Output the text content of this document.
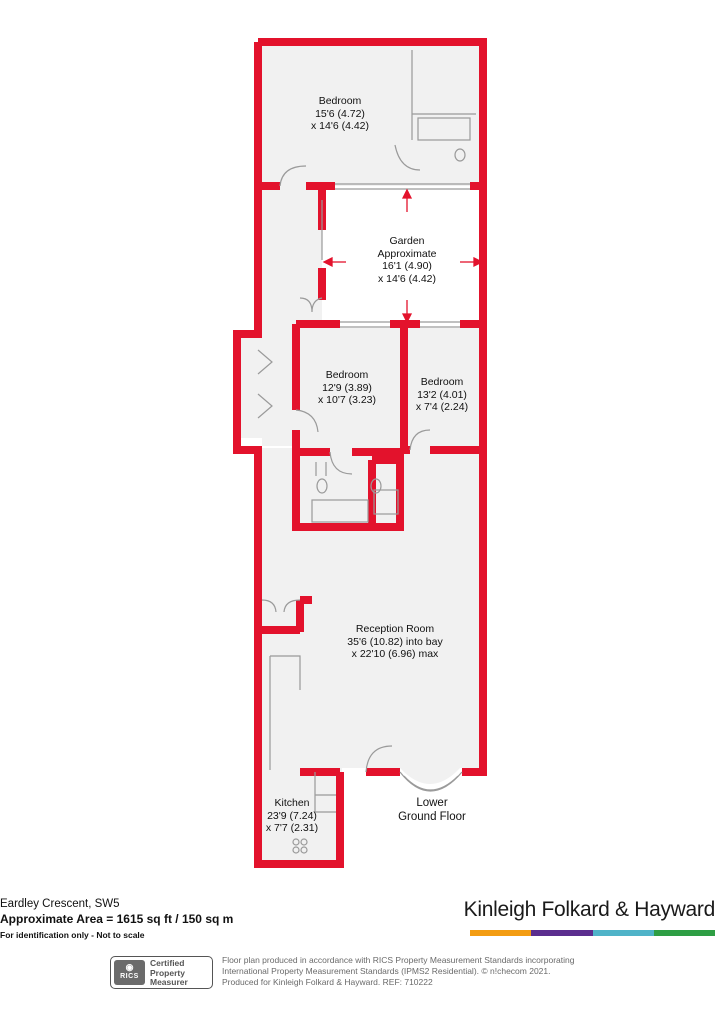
Bedroom
15'6 (4.72)
x 14'6 (4.42)
Garden
Approximate
16'1 (4.90)
x 14'6 (4.42)
Bedroom
12'9 (3.89)
x 10'7 (3.23)
Bedroom
13'2 (4.01)
x 7'4 (2.24)
Reception Room
35'6 (10.82) into bay
x 22'10 (6.96) max
Kitchen
23'9 (7.24)
x 7'7 (2.31)
Lower
Ground Floor
Eardley Crescent, SW5
Approximate Area = 1615 sq ft / 150 sq m
For identification only - Not to scale
Kinleigh Folkard & Hayward
◉
RICS
Certified
Property
Measurer
Floor plan produced in accordance with RICS Property Measurement Standards incorporating
International Property Measurement Standards (IPMS2 Residential). © n!checom 2021.
Produced for Kinleigh Folkard & Hayward. REF: 710222
